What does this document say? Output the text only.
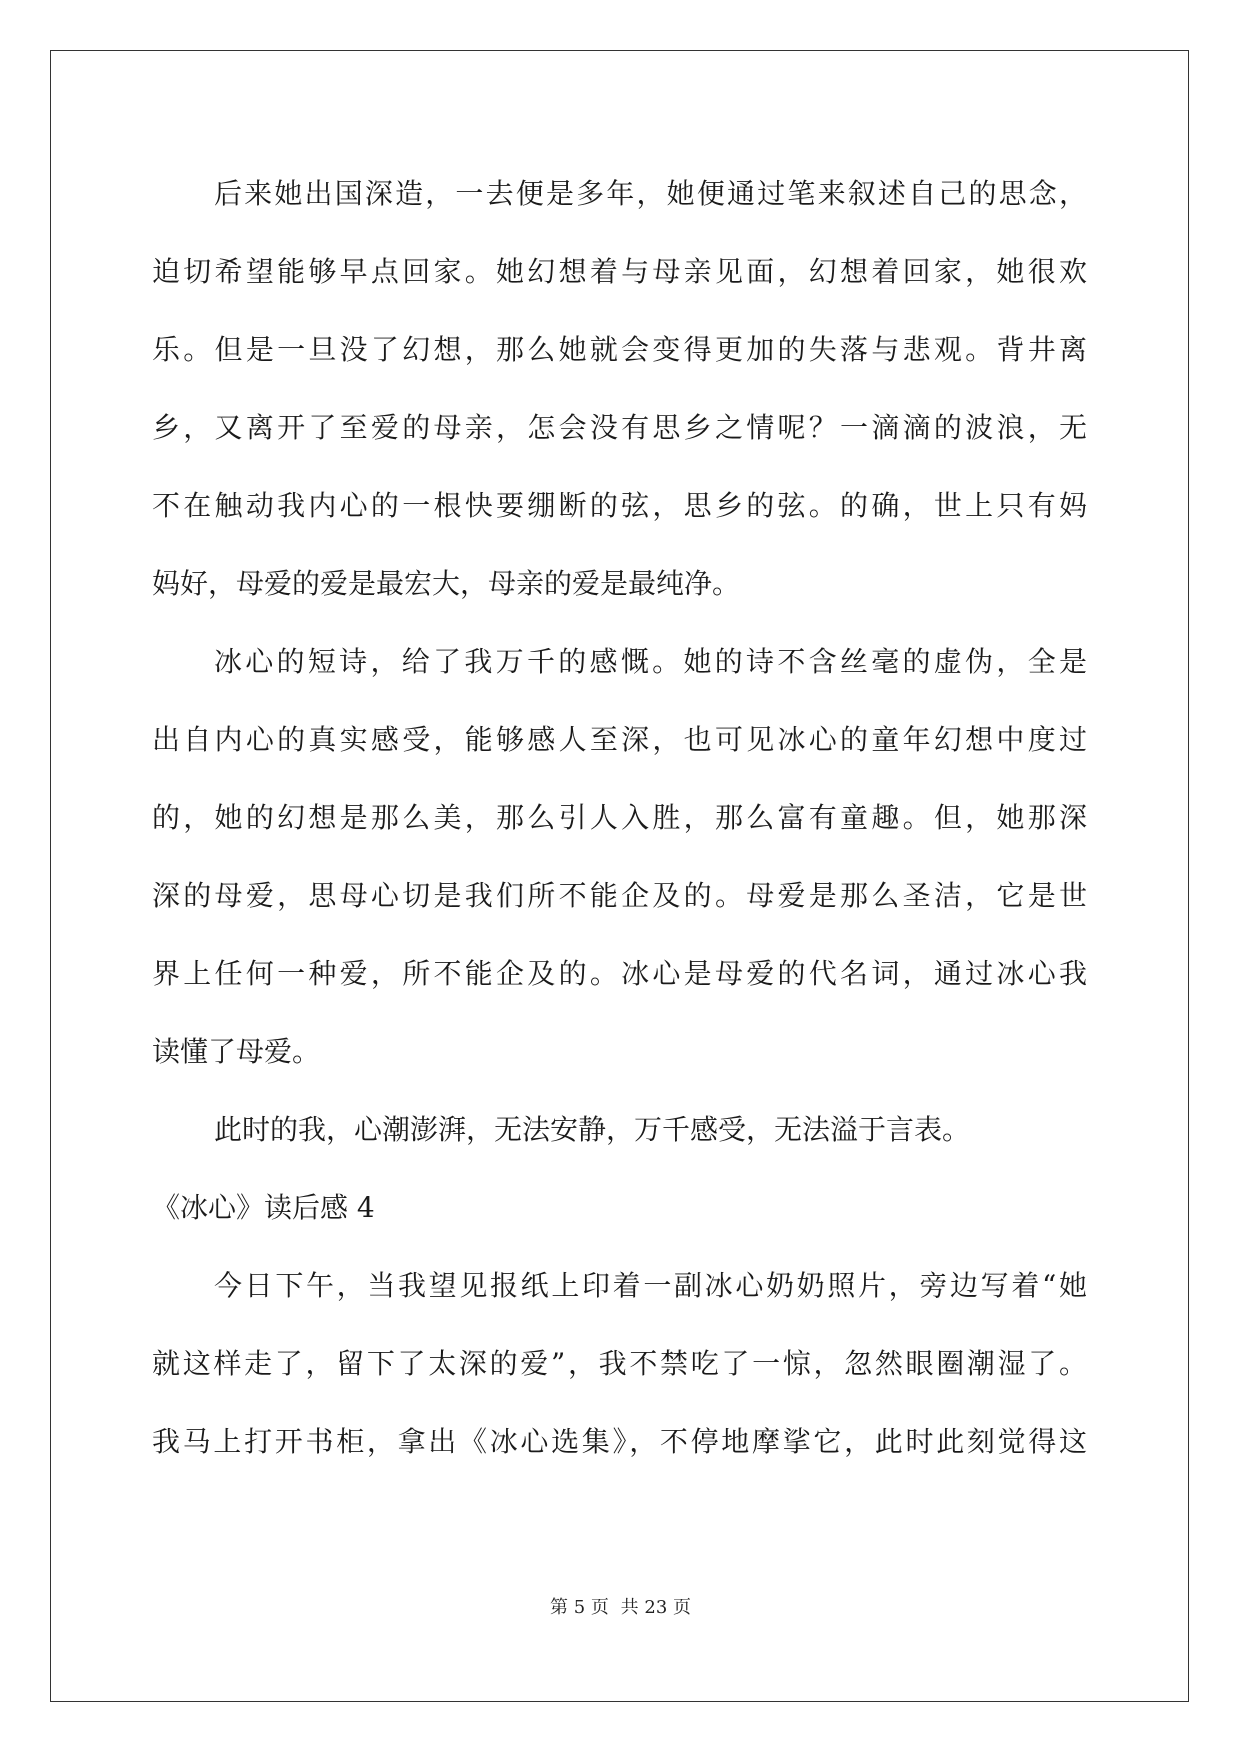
后来她出国深造，一去便是多年，她便通过笔来叙述自己的思念，
迫切希望能够早点回家。她幻想着与母亲见面，幻想着回家，她很欢
乐。但是一旦没了幻想，那么她就会变得更加的失落与悲观。背井离
乡，又离开了至爱的母亲，怎会没有思乡之情呢？一滴滴的波浪，无
不在触动我内心的一根快要绷断的弦，思乡的弦。的确，世上只有妈
妈好，母爱的爱是最宏大，母亲的爱是最纯净。
冰心的短诗，给了我万千的感慨。她的诗不含丝毫的虚伪，全是
出自内心的真实感受，能够感人至深，也可见冰心的童年幻想中度过
的，她的幻想是那么美，那么引人入胜，那么富有童趣。但，她那深
深的母爱，思母心切是我们所不能企及的。母爱是那么圣洁，它是世
界上任何一种爱，所不能企及的。冰心是母爱的代名词，通过冰心我
读懂了母爱。
此时的我，心潮澎湃，无法安静，万千感受，无法溢于言表。
《冰心》读后感 4
今日下午，当我望见报纸上印着一副冰心奶奶照片，旁边写着“她
就这样走了，留下了太深的爱”，我不禁吃了一惊，忽然眼圈潮湿了。
我马上打开书柜，拿出《冰心选集》，不停地摩挲它，此时此刻觉得这
第 5 页 共 23 页
